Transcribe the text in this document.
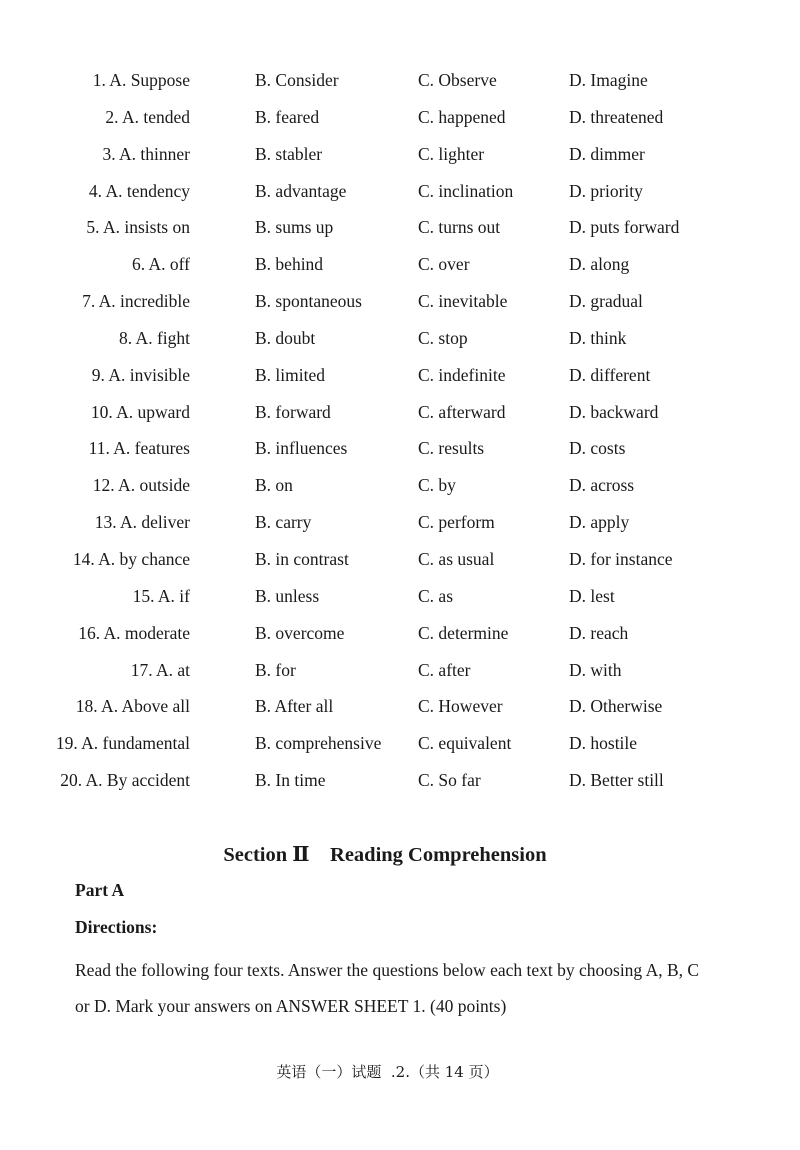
1. A. Suppose	B. Consider	C. Observe	D. Imagine
2. A. tended	B. feared	C. happened	D. threatened
3. A. thinner	B. stabler	C. lighter	D. dimmer
4. A. tendency	B. advantage	C. inclination	D. priority
5. A. insists on	B. sums up	C. turns out	D. puts forward
6. A. off	B. behind	C. over	D. along
7. A. incredible	B. spontaneous	C. inevitable	D. gradual
8. A. fight	B. doubt	C. stop	D. think
9. A. invisible	B. limited	C. indefinite	D. different
10. A. upward	B. forward	C. afterward	D. backward
11. A. features	B. influences	C. results	D. costs
12. A. outside	B. on	C. by	D. across
13. A. deliver	B. carry	C. perform	D. apply
14. A. by chance	B. in contrast	C. as usual	D. for instance
15. A. if	B. unless	C. as	D. lest
16. A. moderate	B. overcome	C. determine	D. reach
17. A. at	B. for	C. after	D. with
18. A. Above all	B. After all	C. However	D. Otherwise
19. A. fundamental	B. comprehensive C. equivalent	D. hostile
20. A. By accident	B. In time	C. So far	D. Better still
Section Ⅱ    Reading Comprehension
Part A
Directions:
Read the following four texts. Answer the questions below each text by choosing A, B, C or D. Mark your answers on ANSWER SHEET 1. (40 points)
英语（一）试题  .2.（共 14 页）
